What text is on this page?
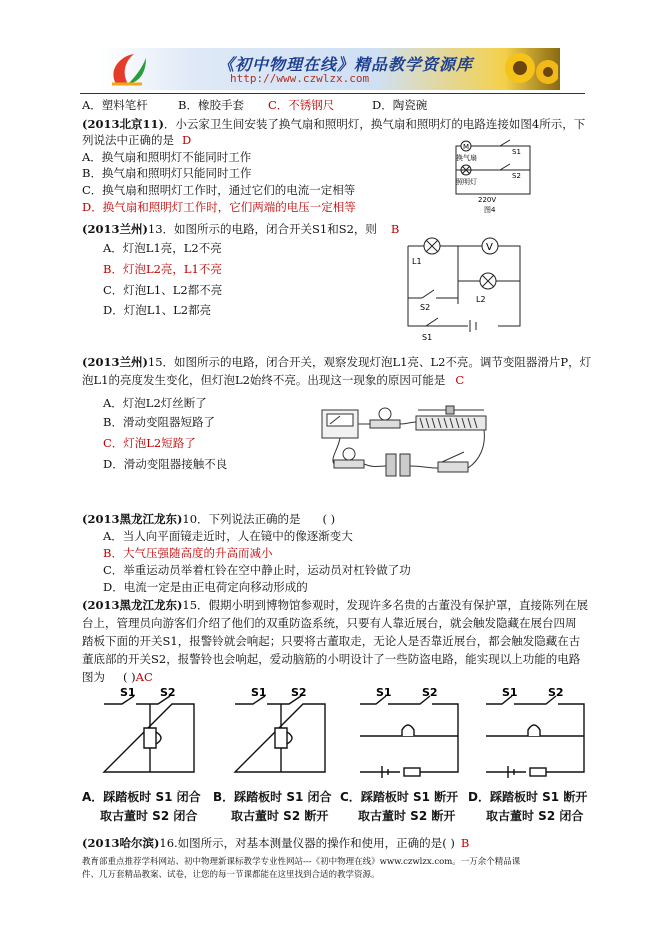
《初中物理在线》精品教学资源库
http://www.czwlzx.com
A．塑料笔杆	B．橡胶手套 C．不锈钢尺	D．陶瓷碗
(2013北京11)．小云家卫生间安装了换气扇和照明灯，换气扇和照明灯的电路连接如图4所示，下
列说法中正确的是 D
A．换气扇和照明灯不能同时工作
B．换气扇和照明灯只能同时工作
C．换气扇和照明灯工作时，通过它们的电流一定相等
D．换气扇和照明灯工作时，它们两端的电压一定相等
M
换气扇
照明灯
S1
S2
220V
图4
(2013兰州)13．如图所示的电路，闭合开关S1和S2，则 B
A．灯泡L1亮，L2不亮
B．灯泡L2亮，L1不亮
C．灯泡L1、L2都不亮
D．灯泡L1、L2都亮
V
L1
L2
S2
S1
(2013兰州)15．如图所示的电路，闭合开关，观察发现灯泡L1亮、L2不亮。调节变阻器滑片P，灯
泡L1的亮度发生变化，但灯泡L2始终不亮。出现这一现象的原因可能是 C
A．灯泡L2灯丝断了
B．滑动变阻器短路了
C．灯泡L2短路了
D．滑动变阻器接触不良
(2013黑龙江龙东)10．下列说法正确的是 ( )
A．当人向平面镜走近时，人在镜中的像逐渐变大
B．大气压强随高度的升高而减小
C．举重运动员举着杠铃在空中静止时，运动员对杠铃做了功
D．电流一定是由正电荷定向移动形成的
(2013黑龙江龙东)15．假期小明到博物馆参观时，发现许多名贵的古董没有保护罩，直接陈列在展
台上，管理员向游客们介绍了他们的双重防盗系统，只要有人靠近展台，就会触发隐藏在展台四周
踏板下面的开关S1，报警铃就会响起；只要将古董取走，无论人是否靠近展台，都会触发隐藏在古
董底部的开关S2，报警铃也会响起，爱动脑筋的小明设计了一些防盗电路，能实现以上功能的电路
图为 ( )AC
S1 S2	S1 S2	S1	S2	S1	S2
A．踩踏板时 S1 闭合
取古董时 S2 闭合
B．踩踏板时 S1 闭合
取古董时 S2 断开
C．踩踏板时 S1 断开
取古董时 S2 断开
D．踩踏板时 S1 断开
取古董时 S2 闭合
(2013哈尔滨)16.如图所示，对基本测量仪器的操作和使用，正确的是( ) B
教育部重点推荐学科网站、初中物理新课标教学专业性网站---《初中物理在线》www.czwlzx.com。一万余个精品课
件、几万套精品教案、试卷，让您的每一节课都能在这里找到合适的教学资源。
